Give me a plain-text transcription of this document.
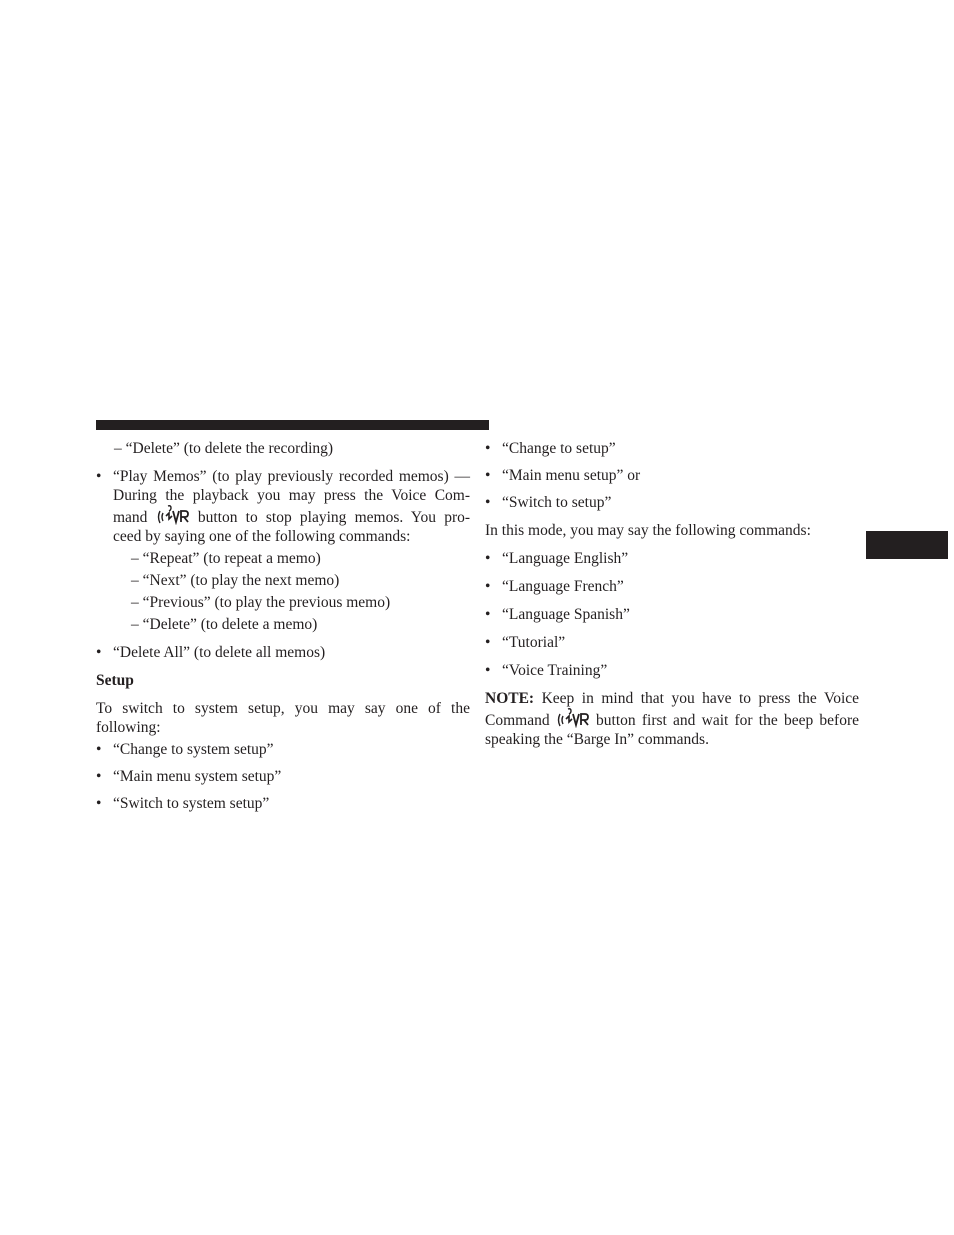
– “Delete” (to delete the recording)
•
“Play Memos” (to play previously recorded memos) —
During the playback you may press the Voice Com-
mand	button to stop playing memos. You pro-
ceed by saying one of the following commands:
– “Repeat” (to repeat a memo)
– “Next” (to play the next memo)
– “Previous” (to play the previous memo)
– “Delete” (to delete a memo)
•
“Delete All” (to delete all memos)
Setup
To switch to system setup, you may say one of the
following:
•
“Change to system setup”
•
“Main menu system setup”
•
“Switch to system setup”
•
“Change to setup”
•
“Main menu setup” or
•
“Switch to setup”
In this mode, you may say the following commands:
•
“Language English”
•
“Language French”
•
“Language Spanish”
•
“Tutorial”
•
“Voice Training”
NOTE: Keep in mind that you have to press the Voice
Command	button first and wait for the beep before
speaking the “Barge In” commands.
